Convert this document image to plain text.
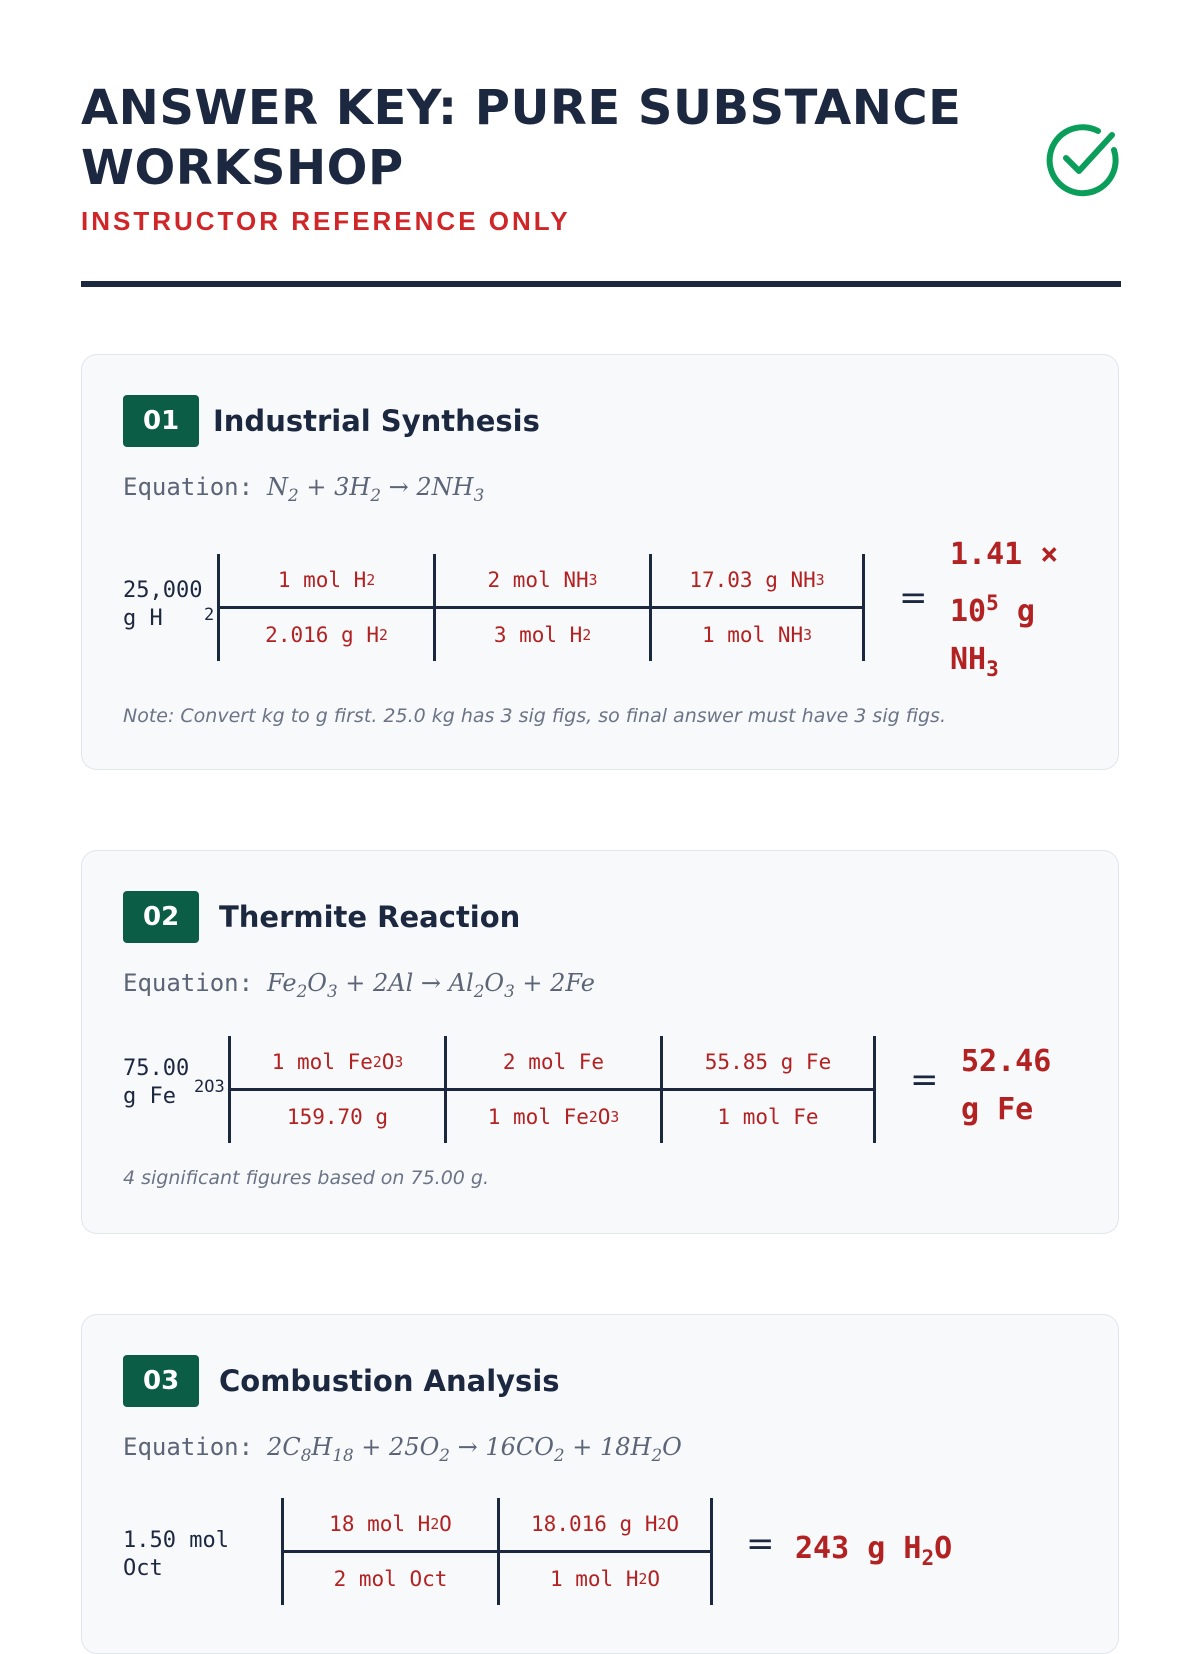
ANSWER KEY: PURE SUBSTANCE WORKSHOP
INSTRUCTOR REFERENCE ONLY
01	Industrial Synthesis
Equation: $N_2 + 3H_2 \to 2NH_3$
25,000
g H	2
1 mol H 2
2.016 g H 2
2 mol NH 3
3 mol H 2
17.03 g NH 3
1 mol NH 3
=
1.41 ×
$10^5$ g
$NH_3$
Note: Convert kg to g first. 25.0 kg has 3 sig figs, so final answer must have 3 sig figs.
02	Thermite Reaction
Equation: $Fe_2O_3 + 2Al \to Al_2O_3 + 2Fe$
75.00
g Fe	2O3
1 mol Fe 2 O 3
159.70 g
2 mol Fe
1 mol Fe 2 O 3
55.85 g Fe
1 mol Fe
= 52.46
g Fe
4 significant figures based on 75.00 g.
03	Combustion Analysis
Equation: $2C_8H_{18} + 25O_2 \to 16CO_2 + 18H_2O$
1.50 mol
Oct
18 mol H 2 O
2 mol Oct
18.016 g H 2 O
1 mol H 2 O
= 243 g $H_2O$
